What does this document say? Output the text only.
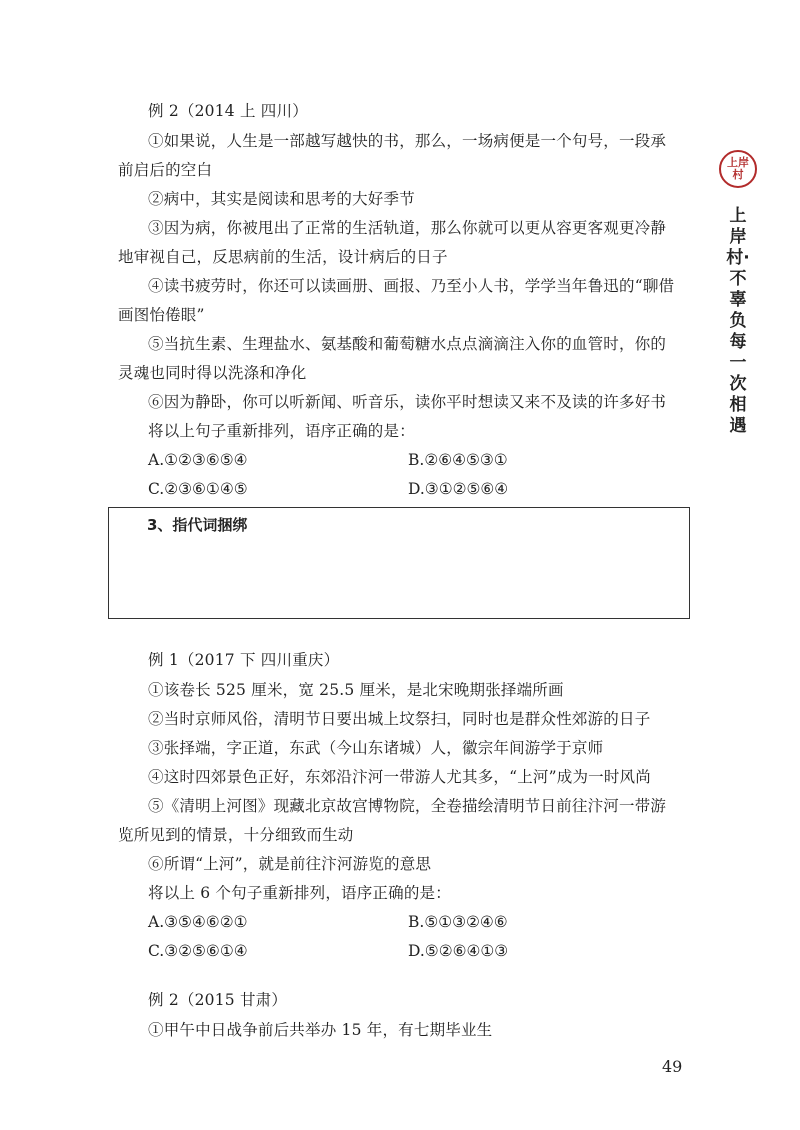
上岸村
上岸村·不辜负每一次相遇
例 2（2014 上 四川）
①如果说，人生是一部越写越快的书，那么，一场病便是一个句号，一段承
前启后的空白
②病中，其实是阅读和思考的大好季节
③因为病，你被甩出了正常的生活轨道，那么你就可以更从容更客观更冷静
地审视自己，反思病前的生活，设计病后的日子
④读书疲劳时，你还可以读画册、画报、乃至小人书，学学当年鲁迅的“聊借
画图怡倦眼”
⑤当抗生素、生理盐水、氨基酸和葡萄糖水点点滴滴注入你的血管时，你的
灵魂也同时得以洗涤和净化
⑥因为静卧，你可以听新闻、听音乐，读你平时想读又来不及读的许多好书
将以上句子重新排列，语序正确的是：
A.①②③⑥⑤④	B.②⑥④⑤③①
C.②③⑥①④⑤	D.③①②⑤⑥④
3、指代词捆绑
例 1（2017 下 四川重庆）
①该卷长 525 厘米，宽 25.5 厘米，是北宋晚期张择端所画
②当时京师风俗，清明节日要出城上坟祭扫，同时也是群众性郊游的日子
③张择端，字正道，东武（今山东诸城）人，徽宗年间游学于京师
④这时四郊景色正好，东郊沿汴河一带游人尤其多，“上河”成为一时风尚
⑤《清明上河图》现藏北京故宫博物院，全卷描绘清明节日前往汴河一带游
览所见到的情景，十分细致而生动
⑥所谓“上河”，就是前往汴河游览的意思
将以上 6 个句子重新排列，语序正确的是：
A.③⑤④⑥②①	B.⑤①③②④⑥
C.③②⑤⑥①④	D.⑤②⑥④①③
例 2（2015 甘肃）
①甲午中日战争前后共举办 15 年，有七期毕业生
49
